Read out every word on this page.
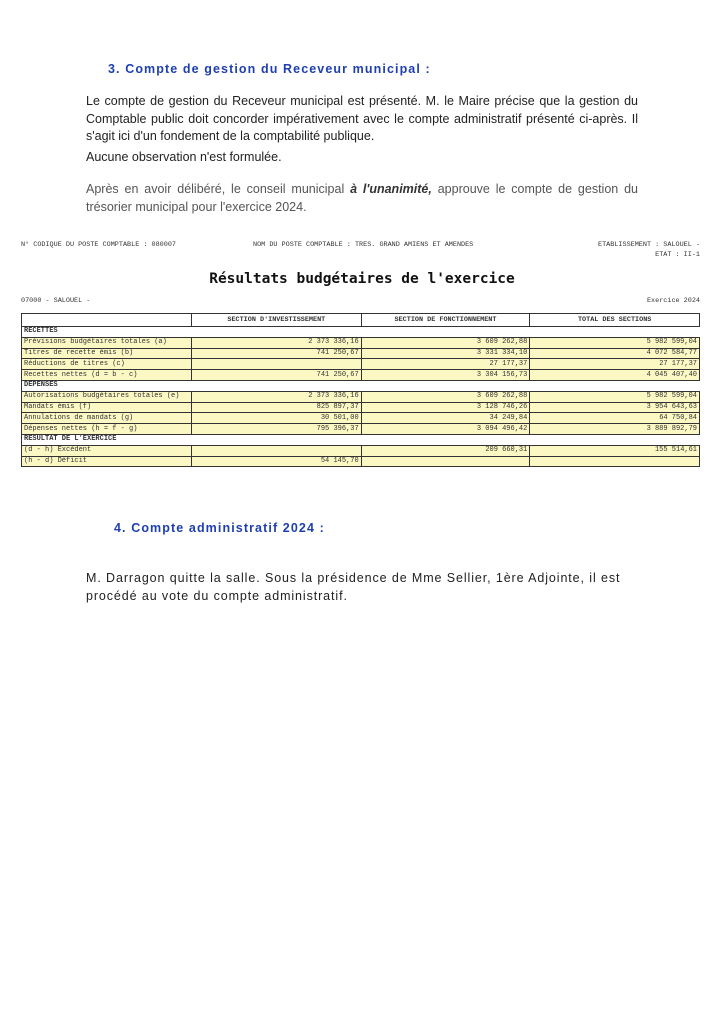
3. Compte de gestion du Receveur municipal :
Le compte de gestion du Receveur municipal est présenté. M. le Maire précise que la gestion du Comptable public doit concorder impérativement avec le compte administratif présenté ci-après. Il s'agit ici d'un fondement de la comptabilité publique.
Aucune observation n'est formulée.
Après en avoir délibéré, le conseil municipal à l'unanimité, approuve le compte de gestion du trésorier municipal pour l'exercice 2024.
N° CODIQUE DU POSTE COMPTABLE : 080007	NOM DU POSTE COMPTABLE : TRES. GRAND AMIENS ET AMENDES	ETABLISSEMENT : SALOUEL -
ETAT : II-1
Résultats budgétaires de l'exercice
07000 - SALOUEL -	Exercice 2024
	SECTION D'INVESTISSEMENT	SECTION DE FONCTIONNEMENT	TOTAL DES SECTIONS
RECETTES			
Prévisions budgétaires totales (a)	2 373 336,16	3 609 262,88	5 982 599,04
Titres de recette émis (b)	741 250,67	3 331 334,10	4 072 584,77
Réductions de titres (c)		27 177,37	27 177,37
Recettes nettes (d = b - c)	741 250,67	3 304 156,73	4 045 407,40
DEPENSES			
Autorisations budgétaires totales (e)	2 373 336,16	3 609 262,88	5 982 599,04
Mandats émis (f)	825 897,37	3 128 746,26	3 954 643,63
Annulations de mandats (g)	30 501,00	34 249,84	64 750,84
Dépenses nettes (h = f - g)	795 396,37	3 094 496,42	3 889 892,79
RESULTAT DE L'EXERCICE			
(d - h) Excédent		209 660,31	155 514,61
(h - d) Déficit	54 145,70		
4. Compte administratif 2024 :
M. Darragon quitte la salle. Sous la présidence de Mme Sellier, 1ère Adjointe, il est procédé au vote du compte administratif.
